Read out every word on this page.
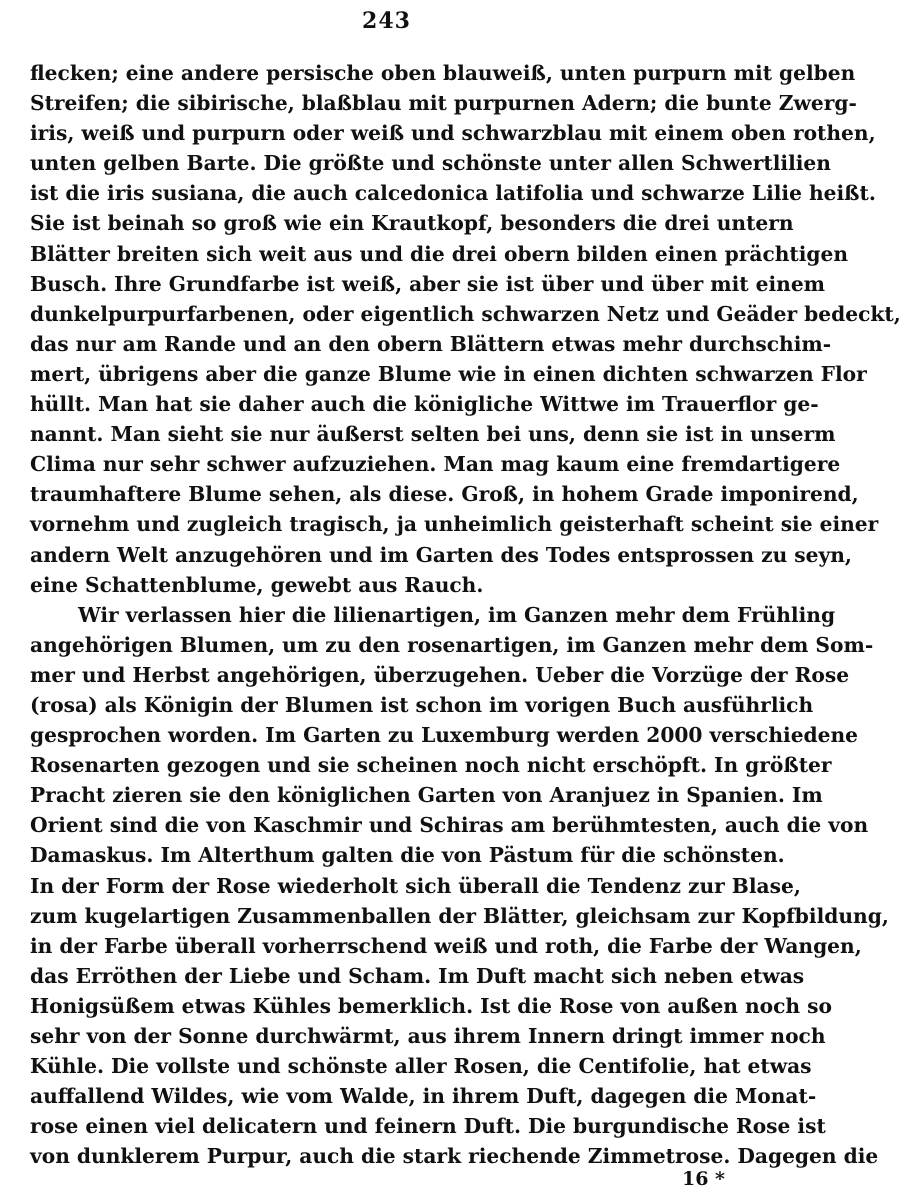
243
flecken; eine andere persische oben blauweiß, unten purpurn mit gelben
Streifen; die sibirische, blaßblau mit purpurnen Adern; die bunte Zwerg-
iris, weiß und purpurn oder weiß und schwarzblau mit einem oben rothen,
unten gelben Barte. Die größte und schönste unter allen Schwertlilien
ist die iris susiana, die auch calcedonica latifolia und schwarze Lilie heißt.
Sie ist beinah so groß wie ein Krautkopf, besonders die drei untern
Blätter breiten sich weit aus und die drei obern bilden einen prächtigen
Busch. Ihre Grundfarbe ist weiß, aber sie ist über und über mit einem
dunkelpurpurfarbenen, oder eigentlich schwarzen Netz und Geäder bedeckt,
das nur am Rande und an den obern Blättern etwas mehr durchschim-
mert, übrigens aber die ganze Blume wie in einen dichten schwarzen Flor
hüllt. Man hat sie daher auch die königliche Wittwe im Trauerflor ge-
nannt. Man sieht sie nur äußerst selten bei uns, denn sie ist in unserm
Clima nur sehr schwer aufzuziehen. Man mag kaum eine fremdartigere
traumhaftere Blume sehen, als diese. Groß, in hohem Grade imponirend,
vornehm und zugleich tragisch, ja unheimlich geisterhaft scheint sie einer
andern Welt anzugehören und im Garten des Todes entsprossen zu seyn,
eine Schattenblume, gewebt aus Rauch.
Wir verlassen hier die lilienartigen, im Ganzen mehr dem Frühling
angehörigen Blumen, um zu den rosenartigen, im Ganzen mehr dem Som-
mer und Herbst angehörigen, überzugehen. Ueber die Vorzüge der Rose
(rosa) als Königin der Blumen ist schon im vorigen Buch ausführlich
gesprochen worden. Im Garten zu Luxemburg werden 2000 verschiedene
Rosenarten gezogen und sie scheinen noch nicht erschöpft. In größter
Pracht zieren sie den königlichen Garten von Aranjuez in Spanien. Im
Orient sind die von Kaschmir und Schiras am berühmtesten, auch die von
Damaskus. Im Alterthum galten die von Pästum für die schönsten.
In der Form der Rose wiederholt sich überall die Tendenz zur Blase,
zum kugelartigen Zusammenballen der Blätter, gleichsam zur Kopfbildung,
in der Farbe überall vorherrschend weiß und roth, die Farbe der Wangen,
das Erröthen der Liebe und Scham. Im Duft macht sich neben etwas
Honigsüßem etwas Kühles bemerklich. Ist die Rose von außen noch so
sehr von der Sonne durchwärmt, aus ihrem Innern dringt immer noch
Kühle. Die vollste und schönste aller Rosen, die Centifolie, hat etwas
auffallend Wildes, wie vom Walde, in ihrem Duft, dagegen die Monat-
rose einen viel delicatern und feinern Duft. Die burgundische Rose ist
von dunklerem Purpur, auch die stark riechende Zimmetrose. Dagegen die
16 *
